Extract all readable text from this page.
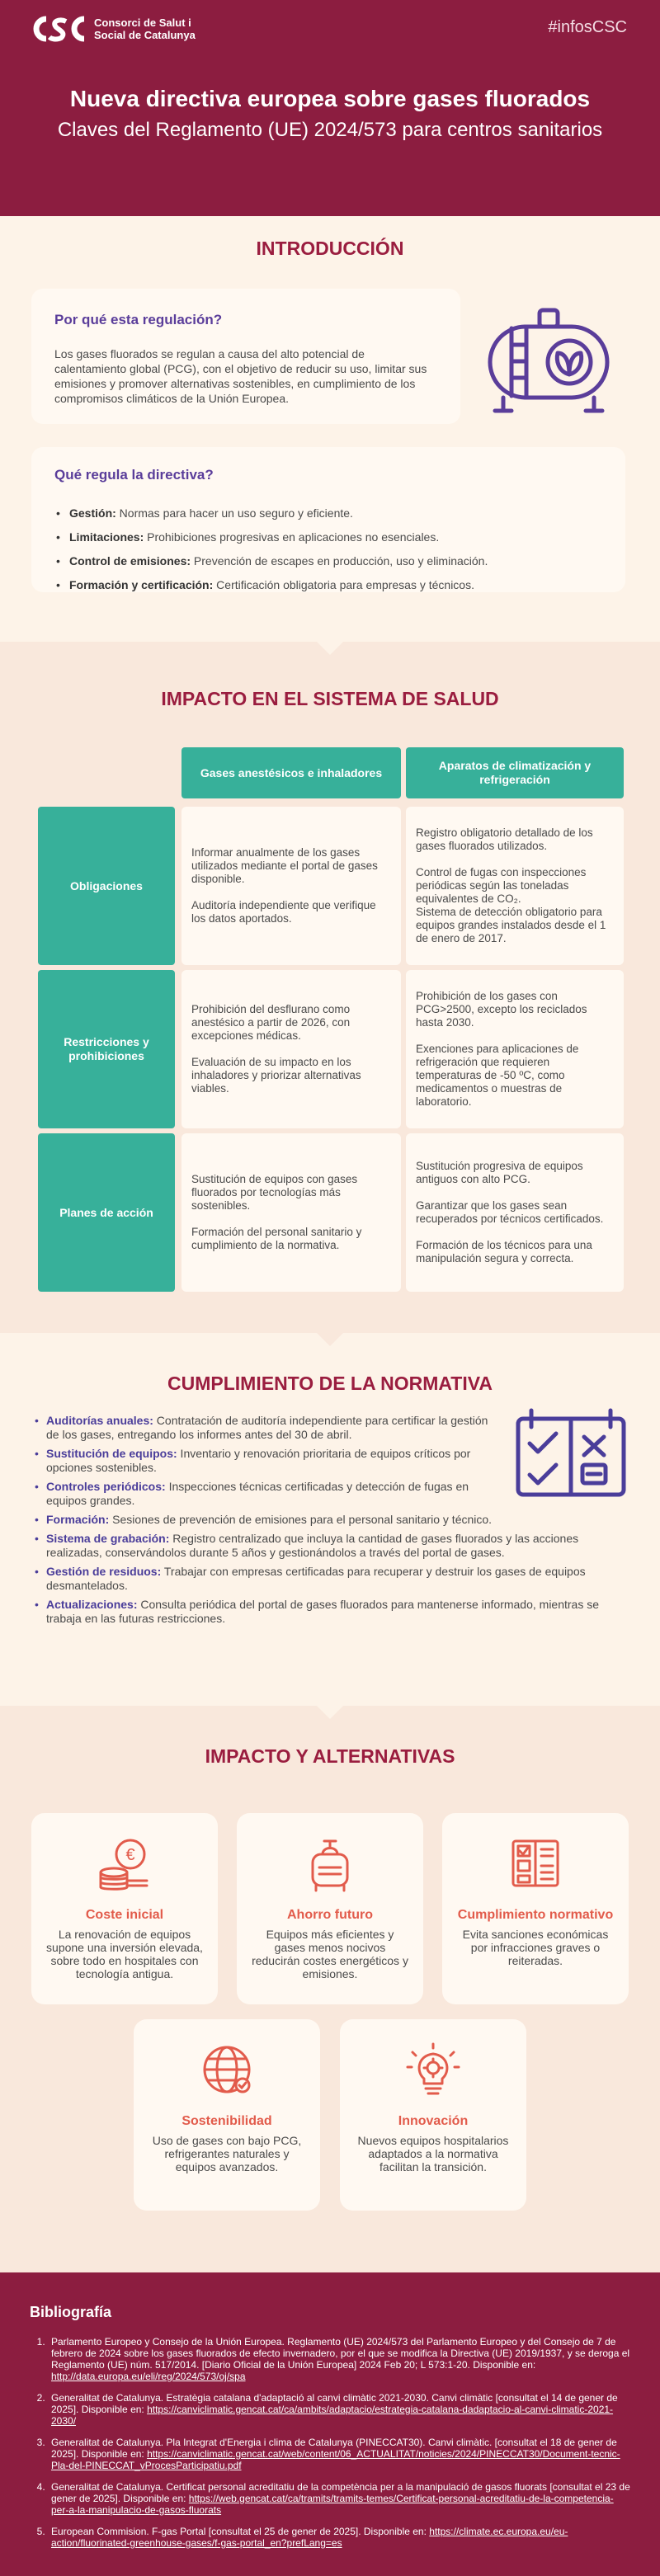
Consorci de Salut i
Social de Catalunya	#infosCSC
Nueva directiva europea sobre gases fluorados
Claves del Reglamento (UE) 2024/573 para centros sanitarios
INTRODUCCIÓN
Por qué esta regulación?

Los gases fluorados se regulan a causa del alto potencial de calentamiento global (PCG), con el objetivo de reducir su uso, limitar sus emisiones y promover alternativas sostenibles, en cumplimiento de los compromisos climáticos de la Unión Europea.

Qué regula la directiva?
• Gestión: Normas para hacer un uso seguro y eficiente.
• Limitaciones: Prohibiciones progresivas en aplicaciones no esenciales.
• Control de emisiones: Prevención de escapes en producción, uso y eliminación.
• Formación y certificación: Certificación obligatoria para empresas y técnicos.
IMPACTO EN EL SISTEMA DE SALUD
Gases anestésicos e inhaladores
Aparatos de climatización y refrigeración
Obligaciones

Informar anualmente de los gases utilizados mediante el portal de gases disponible.

Auditoría independiente que verifique los datos aportados.

Registro obligatorio detallado de los gases fluorados utilizados.

Control de fugas con inspecciones periódicas según las toneladas equivalentes de CO₂.

Sistema de detección obligatorio para equipos grandes instalados desde el 1 de enero de 2017.

Restricciones y prohibiciones

Prohibición del desflurano como anestésico a partir de 2026, con excepciones médicas.

Evaluación de su impacto en los inhaladores y priorizar alternativas viables.

Prohibición de los gases con PCG>2500, excepto los reciclados hasta 2030.

Exenciones para aplicaciones de refrigeración que requieren temperaturas de -50 ºC, como medicamentos o muestras de laboratorio.

Planes de acción

Sustitución de equipos con gases fluorados por tecnologías más sostenibles.

Formación del personal sanitario y cumplimiento de la normativa.

Sustitución progresiva de equipos antiguos con alto PCG.

Garantizar que los gases sean recuperados por técnicos certificados.

Formación de los técnicos para una manipulación segura y correcta.

CUMPLIMIENTO DE LA NORMATIVA
• Auditorías anuales: Contratación de auditoría independiente para certificar la gestión de los gases, entregando los informes antes del 30 de abril.
• Sustitución de equipos: Inventario y renovación prioritaria de equipos críticos por opciones sostenibles.
• Controles periódicos: Inspecciones técnicas certificadas y detección de fugas en equipos grandes.
• Formación: Sesiones de prevención de emisiones para el personal sanitario y técnico.
• Sistema de grabación: Registro centralizado que incluya la cantidad de gases fluorados y las acciones realizadas, conservándolos durante 5 años y gestionándolos a través del portal de gases.
• Gestión de residuos: Trabajar con empresas certificadas para recuperar y destruir los gases de equipos desmantelados.
• Actualizaciones: Consulta periódica del portal de gases fluorados para mantenerse informado, mientras se trabaja en las futuras restricciones.
IMPACTO Y ALTERNATIVAS
€
Coste inicial

La renovación de equipos supone una inversión elevada, sobre todo en hospitales con tecnología antigua.

Ahorro futuro

Equipos más eficientes y gases menos nocivos reducirán costes energéticos y emisiones.

Cumplimiento normativo

Evita sanciones económicas por infracciones graves o reiteradas.

Sostenibilidad

Uso de gases con bajo PCG, refrigerantes naturales y equipos avanzados.

Innovación

Nuevos equipos hospitalarios adaptados a la normativa facilitan la transición.

Bibliografía
1. Parlamento Europeo y Consejo de la Unión Europea. Reglamento (UE) 2024/573 del Parlamento Europeo y del Consejo de 7 de febrero de 2024 sobre los gases fluorados de efecto invernadero, por el que se modifica la Directiva (UE) 2019/1937, y se deroga el Reglamento (UE) núm. 517/2014. [Diario Oficial de la Unión Europea] 2024 Feb 20; L 573:1-20. Disponible en: http://data.europa.eu/eli/reg/2024/573/oj/spa
2. Generalitat de Catalunya. Estratègia catalana d'adaptació al canvi climàtic 2021-2030. Canvi climàtic [consultat el 14 de gener de 2025]. Disponible en: https://canviclimatic.gencat.cat/ca/ambits/adaptacio/estrategia-catalana-dadaptacio-al-canvi-climatic-2021-2030/
3. Generalitat de Catalunya. Pla Integrat d'Energia i clima de Catalunya (PINECCAT30). Canvi climàtic. [consultat el 18 de gener de 2025]. Disponible en: https://canviclimatic.gencat.cat/web/content/06_ACTUALITAT/noticies/2024/PINECCAT30/Document-tecnic-Pla-del-PINECCAT_vProcesParticipatiu.pdf
4. Generalitat de Catalunya. Certificat personal acreditatiu de la competència per a la manipulació de gasos fluorats [consultat el 23 de gener de 2025]. Disponible en: https://web.gencat.cat/ca/tramits/tramits-temes/Certificat-personal-acreditatiu-de-la-competencia-per-a-la-manipulacio-de-gasos-fluorats
5. European Commision. F-gas Portal [consultat el 25 de gener de 2025]. Disponible en: https://climate.ec.europa.eu/eu-action/fluorinated-greenhouse-gases/f-gas-portal_en?prefLang=es
